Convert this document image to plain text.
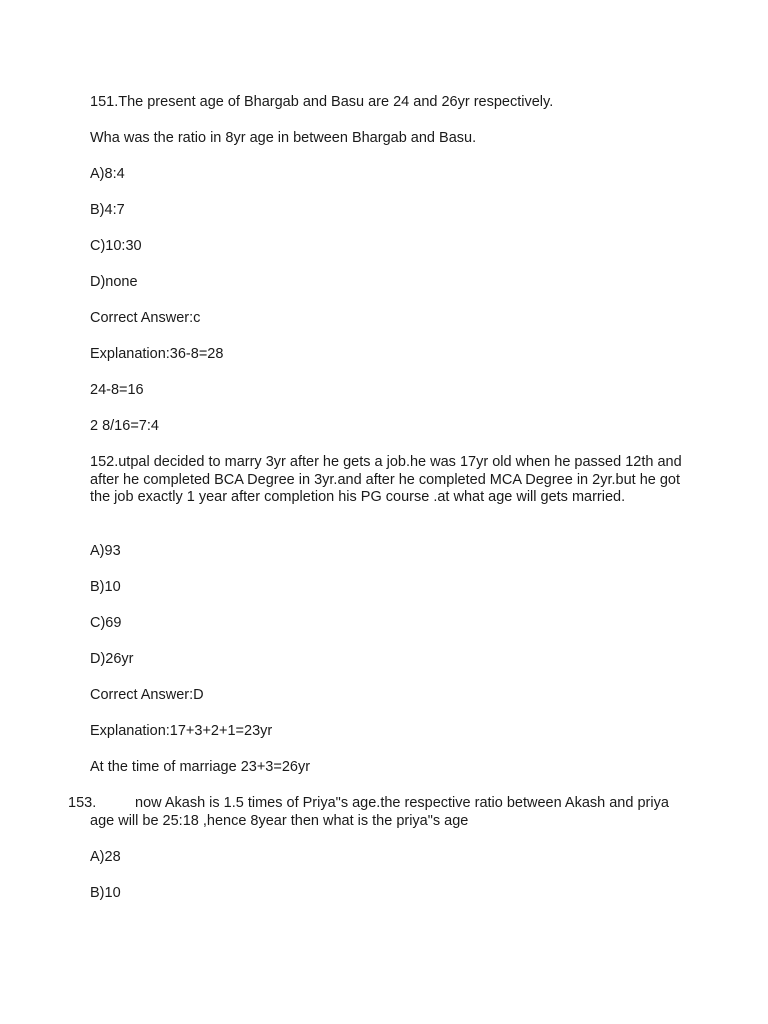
151.The present age of Bhargab and Basu are 24 and 26yr respectively.

Wha was the ratio in 8yr age in between Bhargab and Basu.

A)8:4

B)4:7

C)10:30

D)none

Correct Answer:c

Explanation:36-8=28

24-8=16

2 8/16=7:4

152.utpal decided to marry 3yr after he gets a job.he was 17yr old when he passed 12th and after he completed BCA Degree in 3yr.and after he completed MCA Degree in 2yr.but he got the job exactly 1 year after completion his PG course .at what age will gets married.

A)93

B)10

C)69

D)26yr

Correct Answer:D

Explanation:17+3+2+1=23yr

At the time of marriage 23+3=26yr

153.	now Akash is 1.5 times of Priya"s age.the respective ratio between Akash and priya age will be 25:18 ,hence 8year then what is the priya"s age

A)28

B)10
